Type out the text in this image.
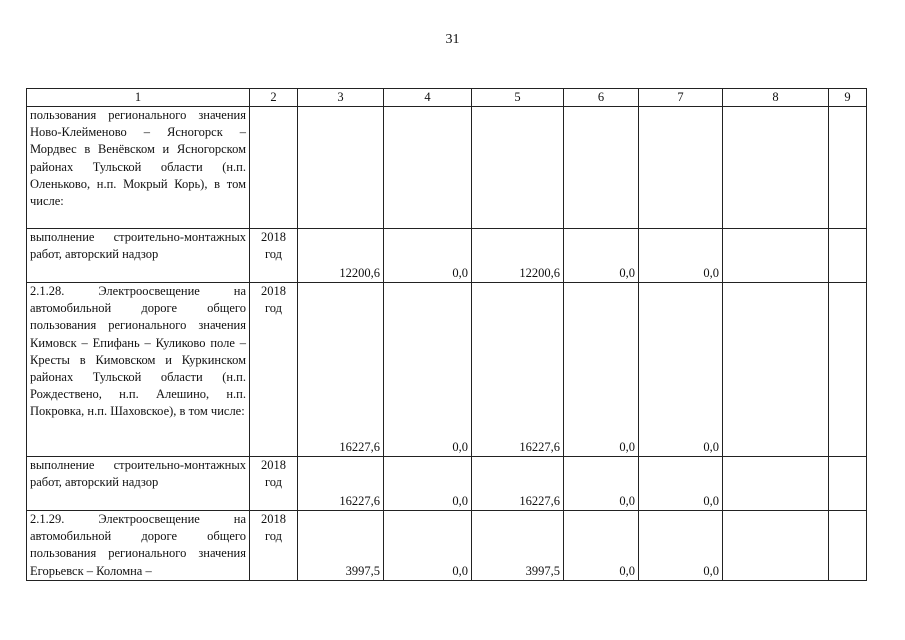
31
1	2	3	4	5	6	7	8	9
пользования регионального значения Ново-Клейменово – Ясногорск – Мордвес в Венёвском и Ясногорском районах Тульской области (н.п. Оленьково, н.п. Мокрый Корь), в том числе:								
выполнение строительно-монтажных работ, авторский надзор	2018 год	12200,6	0,0	12200,6	0,0	0,0		
2.1.28. Электроосвещение на автомобильной дороге общего пользования регионального значения Кимовск – Епифань – Куликово поле – Кресты в Кимовском и Куркинском районах Тульской области (н.п. Рождествено, н.п. Алешино, н.п. Покровка, н.п. Шаховское), в том числе:	2018 год	16227,6	0,0	16227,6	0,0	0,0		
выполнение строительно-монтажных работ, авторский надзор	2018 год	16227,6	0,0	16227,6	0,0	0,0		
2.1.29. Электроосвещение на автомобильной дороге общего пользования регионального значения Егорьевск – Коломна –	2018 год	3997,5	0,0	3997,5	0,0	0,0		
